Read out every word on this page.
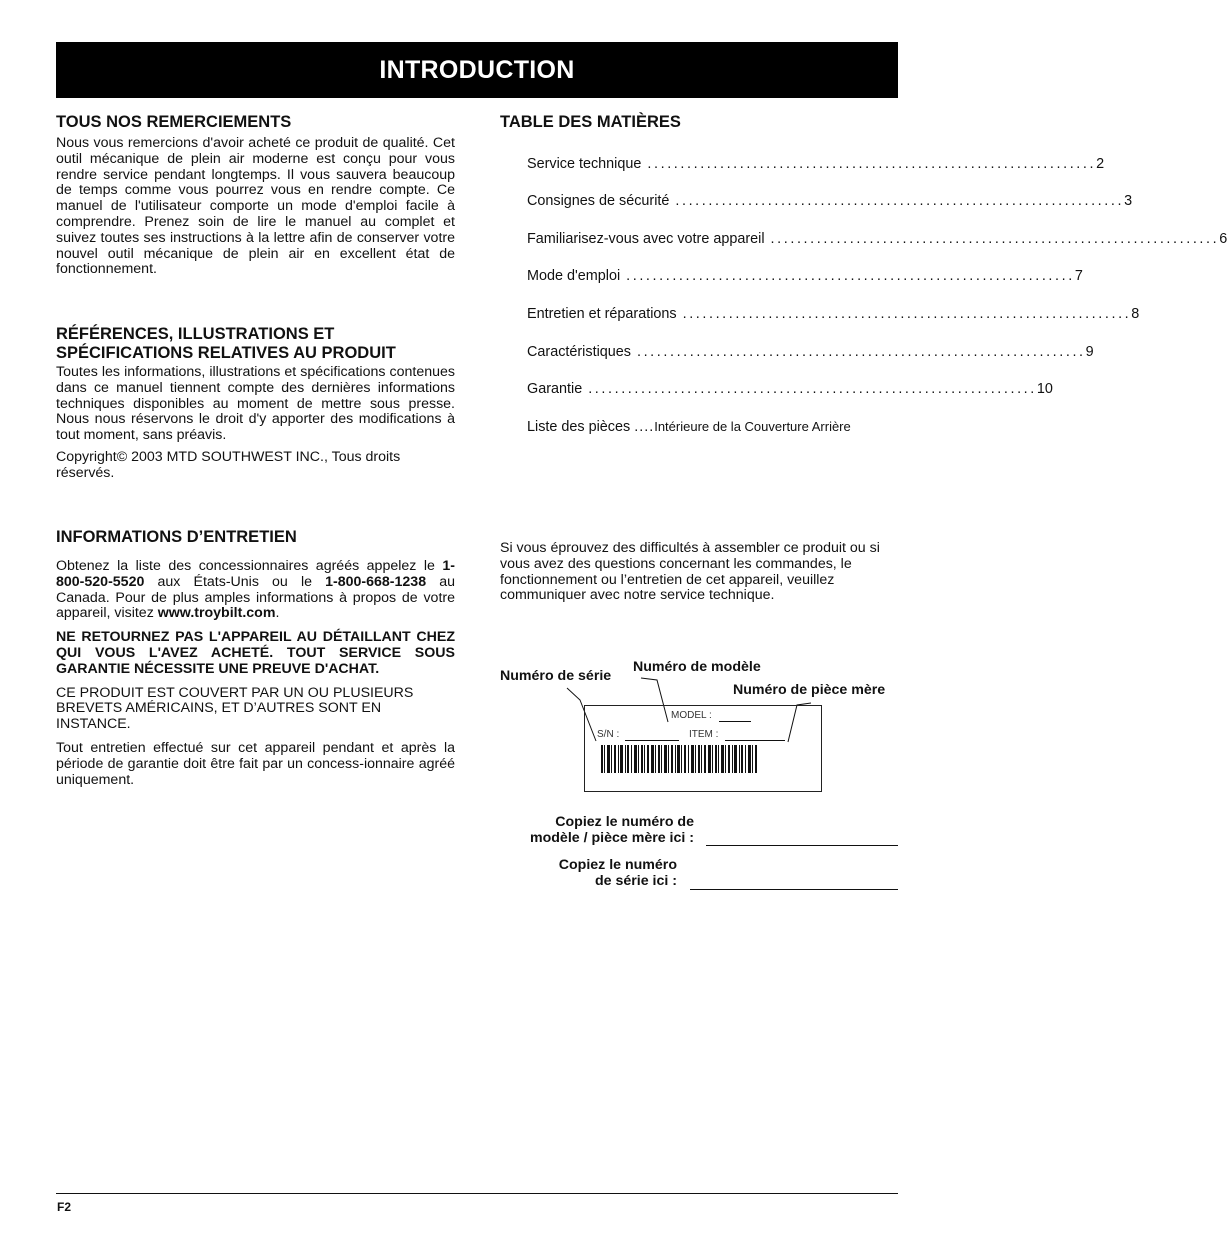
INTRODUCTION
TOUS NOS REMERCIEMENTS

Nous vous remercions d'avoir acheté ce produit de qualité. Cet outil mécanique de plein air moderne est conçu pour vous rendre service pendant longtemps. Il vous sauvera beaucoup de temps comme vous pourrez vous en rendre compte. Ce manuel de l'utilisateur comporte un mode d'emploi facile à comprendre. Prenez soin de lire le manuel au complet et suivez toutes ses instructions à la lettre afin de conserver votre nouvel outil mécanique de plein air en excellent état de fonctionnement.

RÉFÉRENCES, ILLUSTRATIONS ET
SPÉCIFICATIONS RELATIVES AU PRODUIT

Toutes les informations, illustrations et spécifications contenues dans ce manuel tiennent compte des dernières informations techniques disponibles au moment de mettre sous presse. Nous nous réservons le droit d'y apporter des modifications à tout moment, sans préavis.

Copyright© 2003 MTD SOUTHWEST INC., Tous droits réservés.

INFORMATIONS D’ENTRETIEN

Obtenez la liste des concessionnaires agréés appelez le 1-800-520-5520 aux États-Unis ou le 1-800-668-1238 au Canada. Pour de plus amples informations à propos de votre appareil, visitez www.troybilt.com.

NE RETOURNEZ PAS L'APPAREIL AU DÉTAILLANT CHEZ QUI VOUS L'AVEZ ACHETÉ. TOUT SERVICE SOUS GARANTIE NÉCESSITE UNE PREUVE D'ACHAT.

CE PRODUIT EST COUVERT PAR UN OU PLUSIEURS BREVETS AMÉRICAINS, ET D’AUTRES SONT EN INSTANCE.

Tout entretien effectué sur cet appareil pendant et après la période de garantie doit être fait par un concess-ionnaire agréé uniquement.

TABLE DES MATIÈRES
Service technique .................................................................... 2
Consignes de sécurité .................................................................... 3
Familiarisez-vous avec votre appareil .................................................................... 6
Mode d'emploi .................................................................... 7
Entretien et réparations .................................................................... 8
Caractéristiques .................................................................... 9
Garantie .................................................................... 10
Liste des pièces .... Intérieure de la Couverture Arrière

Si vous éprouvez des difficultés à assembler ce produit ou si vous avez des questions concernant les commandes, le fonctionnement ou l’entretien de cet appareil, veuillez communiquer avec notre service technique.

Numéro de série
Numéro de modèle
Numéro de pièce mère
MODEL :
S/N :	ITEM :
Copiez le numéro de
modèle / pièce mère ici :
Copiez le numéro
de série ici :
F2
